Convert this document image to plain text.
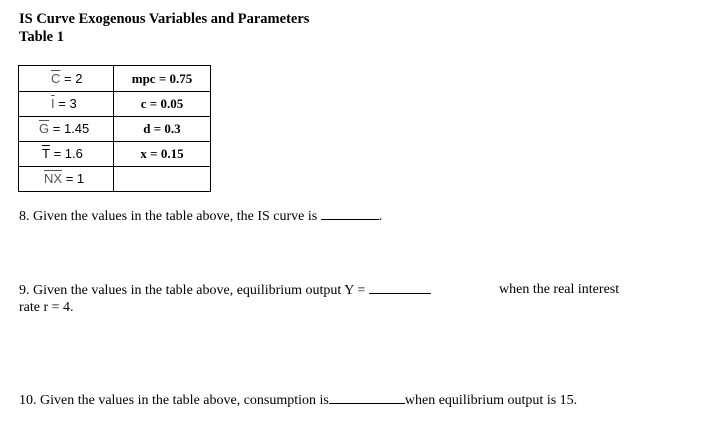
IS Curve Exogenous Variables and Parameters
Table 1
$\overline{C} = 2$	mpc = 0.75
$\overline{I} = 3$	c = 0.05
$\overline{G} = 1.45$	d = 0.3
$\overline{T} = 1.6$	x = 0.15
$\overline{NX} = 1$	
8. Given the values in the table above, the IS curve is	.
9. Given the values in the table above, equilibrium output Y =	when the real interest
rate r = 4.
10. Given the values in the table above, consumption is	when equilibrium output is 15.
